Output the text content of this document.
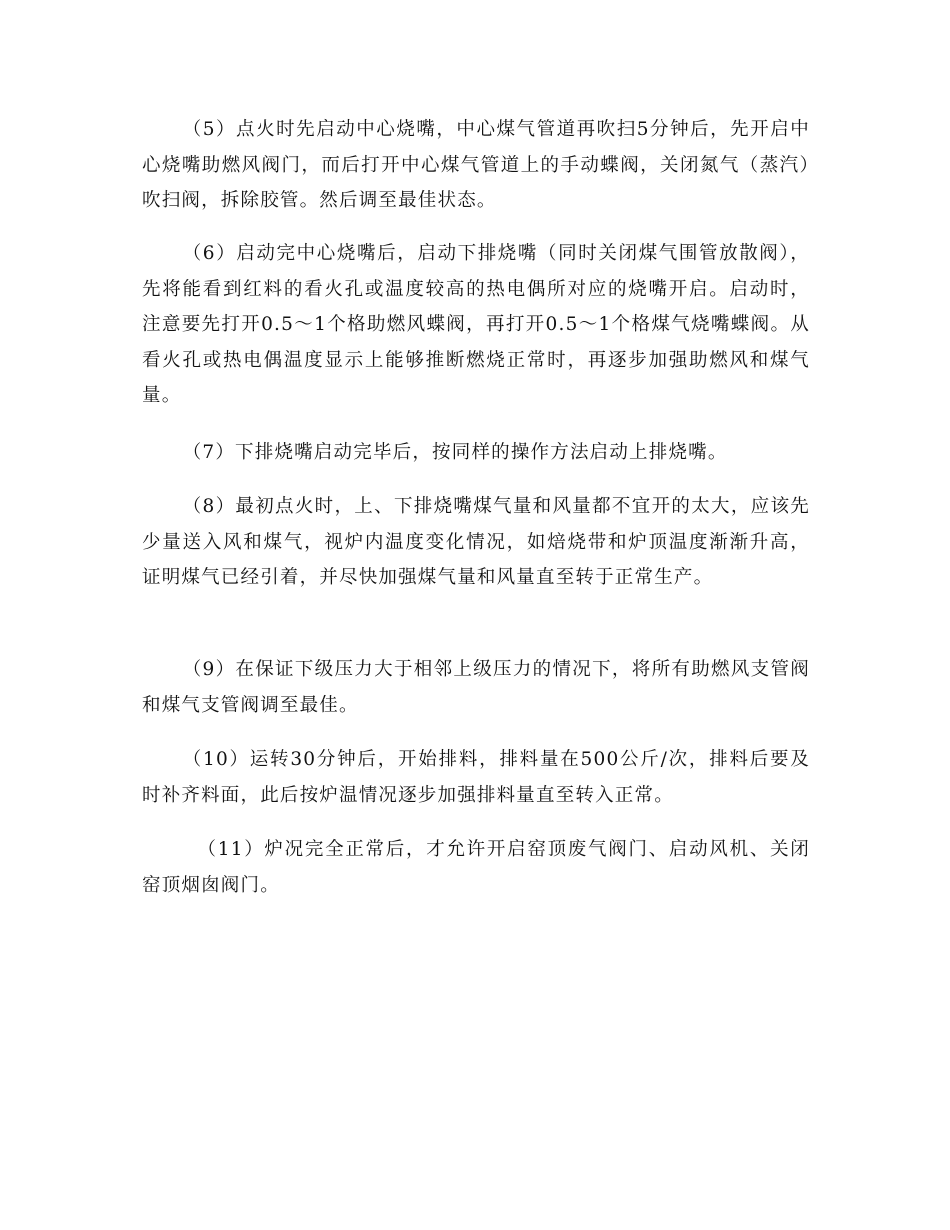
（5）点火时先启动中心烧嘴，中心煤气管道再吹扫5分钟后，先开启中心烧嘴助燃风阀门，而后打开中心煤气管道上的手动蝶阀，关闭氮气（蒸汽）吹扫阀，拆除胶管。然后调至最佳状态。

（6）启动完中心烧嘴后，启动下排烧嘴（同时关闭煤气围管放散阀），先将能看到红料的看火孔或温度较高的热电偶所对应的烧嘴开启。启动时，注意要先打开0.5～1个格助燃风蝶阀，再打开0.5～1个格煤气烧嘴蝶阀。从看火孔或热电偶温度显示上能够推断燃烧正常时，再逐步加强助燃风和煤气量。

（7）下排烧嘴启动完毕后，按同样的操作方法启动上排烧嘴。

（8）最初点火时，上、下排烧嘴煤气量和风量都不宜开的太大，应该先少量送入风和煤气，视炉内温度变化情况，如焙烧带和炉顶温度渐渐升高，证明煤气已经引着，并尽快加强煤气量和风量直至转于正常生产。

（9）在保证下级压力大于相邻上级压力的情况下，将所有助燃风支管阀和煤气支管阀调至最佳。

（10）运转30分钟后，开始排料，排料量在500公斤/次，排料后要及时补齐料面，此后按炉温情况逐步加强排料量直至转入正常。

（11）炉况完全正常后，才允许开启窑顶废气阀门、启动风机、关闭窑顶烟囱阀门。
